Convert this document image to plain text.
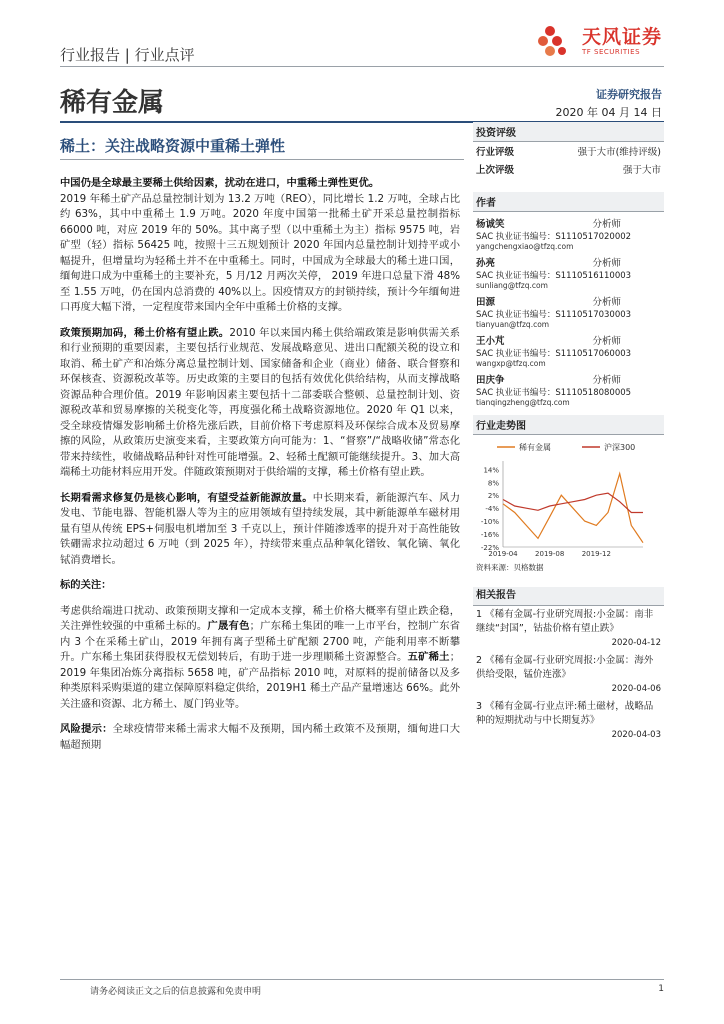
行业报告 | 行业点评
天风证券
TF SECURITIES
稀有金属	证券研究报告
2020 年 04 月 14 日
稀土：关注战略资源中重稀土弹性

中国仍是全球最主要稀土供给因素，扰动在进口，中重稀土弹性更优。
2019 年稀土矿产品总量控制计划为 13.2 万吨（REO），同比增长 1.2 万吨，全球占比约 63%，其中中重稀土 1.9 万吨。2020 年度中国第一批稀土矿开采总量控制指标 66000 吨，对应 2019 年的 50%。其中离子型（以中重稀土为主）指标 9575 吨，岩矿型（轻）指标 56425 吨，按照十三五规划预计 2020 年国内总量控制计划持平或小幅提升，但增量均为轻稀土并不在中重稀土。同时，中国成为全球最大的稀土进口国，缅甸进口成为中重稀土的主要补充，5 月/12 月两次关停， 2019 年进口总量下滑 48%至 1.55 万吨，仍在国内总消费的 40%以上。因疫情双方的封锁持续，预计今年缅甸进口再度大幅下滑，一定程度带来国内全年中重稀土价格的支撑。

政策预期加码，稀土价格有望止跌。2010 年以来国内稀土供给端政策是影响供需关系和行业预期的重要因素，主要包括行业规范、发展战略意见、进出口配额关税的设立和取消、稀土矿产和冶炼分离总量控制计划、国家储备和企业（商业）储备、联合督察和环保核查、资源税改革等。历史政策的主要目的包括有效优化供给结构，从而支撑战略资源品种合理价值。2019 年影响因素主要包括十二部委联合整顿、总量控制计划、资源税改革和贸易摩擦的关税变化等，再度强化稀土战略资源地位。2020 年 Q1 以来，受全球疫情爆发影响稀土价格先涨后跌，目前价格下考虑原料及环保综合成本及贸易摩擦的风险，从政策历史演变来看，主要政策方向可能为：1、“督察”/“战略收储”常态化带来持续性，收储战略品种针对性可能增强。2、轻稀土配额可能继续提升。3、加大高端稀土功能材料应用开发。伴随政策预期对于供给端的支撑，稀土价格有望止跌。

长期看需求修复仍是核心影响，有望受益新能源放量。中长期来看，新能源汽车、风力发电、节能电器、智能机器人等为主的应用领域有望持续发展，其中新能源单车磁材用量有望从传统 EPS+伺服电机增加至 3 千克以上，预计伴随渗透率的提升对于高性能钕铁硼需求拉动超过 6 万吨（到 2025 年），持续带来重点品种氧化镨钕、氧化镝、氧化铽消费增长。

标的关注：

考虑供给端进口扰动、政策预期支撑和一定成本支撑，稀土价格大概率有望止跌企稳，关注弹性较强的中重稀土标的。广晟有色；广东稀土集团的唯一上市平台，控制广东省内 3 个在采稀土矿山，2019 年拥有离子型稀土矿配额 2700 吨，产能利用率不断攀升。广东稀土集团获得股权无偿划转后，有助于进一步理顺稀土资源整合。五矿稀土；2019 年集团冶炼分离指标 5658 吨，矿产品指标 2010 吨，对原料的提前储备以及多种类原料采购渠道的建立保障原料稳定供给，2019H1 稀土产品产量增速达 66%。此外关注盛和资源、北方稀土、厦门钨业等。

风险提示：全球疫情带来稀土需求大幅不及预期，国内稀土政策不及预期，缅甸进口大幅超预期

投资评级
行业评级	强于大市(维持评级)
上次评级	强于大市
作者
杨诚笑	分析师
SAC 执业证书编号：S1110517020002
yangchengxiao@tfzq.com
孙亮	分析师
SAC 执业证书编号：S1110516110003
sunliang@tfzq.com
田源	分析师
SAC 执业证书编号：S1110517030003
tianyuan@tfzq.com
王小芃	分析师
SAC 执业证书编号：S1110517060003
wangxp@tfzq.com
田庆争	分析师
SAC 执业证书编号：S1110518080005
tianqingzheng@tfzq.com
行业走势图
稀有金属	沪深300
14%
8%
2%
-4%
-10%
-16%
-22%
2019-04 2019-08 2019-12
资料来源：贝格数据
相关报告
1 《稀有金属-行业研究周报:小金属：南非继续“封国”，钴盐价格有望止跌》
2020-04-12
2 《稀有金属-行业研究周报:小金属：海外供给受限，锰价连涨》
2020-04-06
3 《稀有金属-行业点评:稀土磁材，战略品种的短期扰动与中长期复苏》
2020-04-03
请务必阅读正文之后的信息披露和免责申明	1
